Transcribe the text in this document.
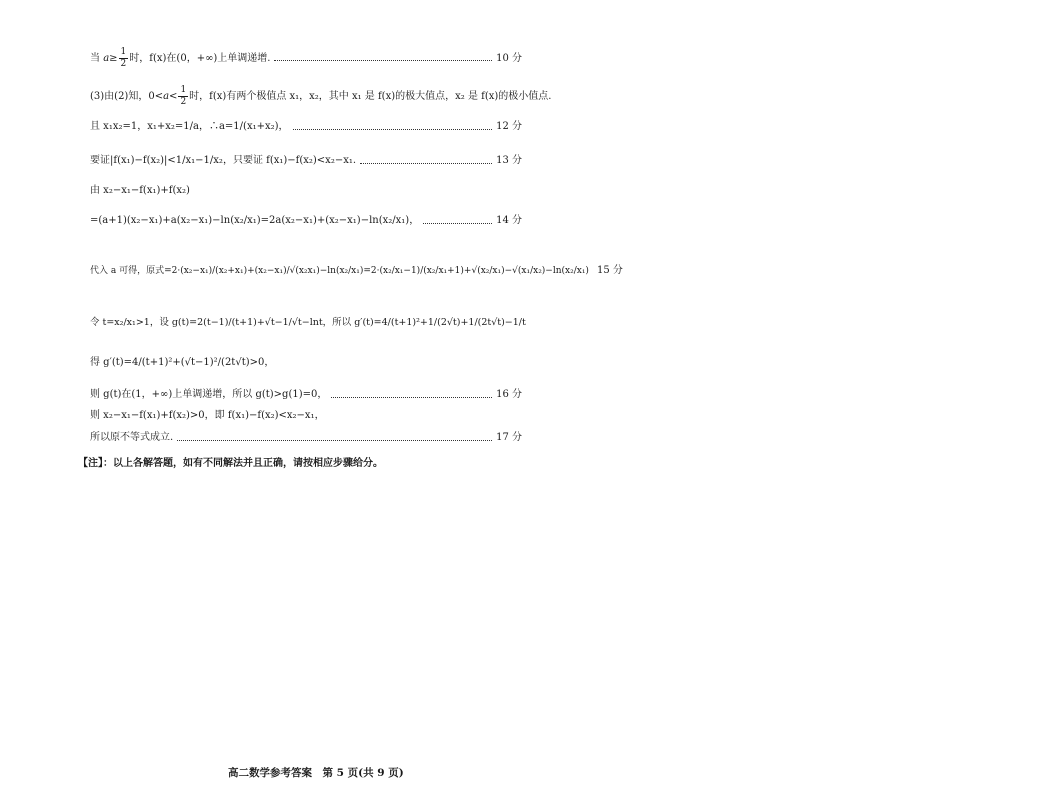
当 $a\ge \frac{1}{2}$ 时，f(x)在(0，+∞)上单调递增.	10 分
(3)由(2)知，$0<a< \frac{1}{2}$ 时，f(x)有两个极值点 x₁，x₂，其中 x₁ 是 f(x)的极大值点，x₂ 是 f(x)的极小值点.
且 x₁x₂=1，x₁+x₂=1/a，∴a=1/(x₁+x₂)，	12 分
要证|f(x₁)−f(x₂)|<1/x₁−1/x₂，只要证 f(x₁)−f(x₂)<x₂−x₁.	13 分
由 x₂−x₁−f(x₁)+f(x₂)
=(a+1)(x₂−x₁)+a(x₂−x₁)−ln(x₂/x₁)=2a(x₂−x₁)+(x₂−x₁)−ln(x₂/x₁)，	14 分
代入 a 可得，原式=2·(x₂−x₁)/(x₂+x₁)+(x₂−x₁)/√(x₂x₁)−ln(x₂/x₁)=2·(x₂/x₁−1)/(x₂/x₁+1)+√(x₂/x₁)−√(x₁/x₂)−ln(x₂/x₁) 15 分
令 t=x₂/x₁>1，设 g(t)=2(t−1)/(t+1)+√t−1/√t−lnt，所以 g′(t)=4/(t+1)²+1/(2√t)+1/(2t√t)−1/t
得 g′(t)=4/(t+1)²+(√t−1)²/(2t√t)>0，
则 g(t)在(1，+∞)上单调递增，所以 g(t)>g(1)=0，	16 分
则 x₂−x₁−f(x₁)+f(x₂)>0，即 f(x₁)−f(x₂)<x₂−x₁，
所以原不等式成立.	17 分
【注】：以上各解答题，如有不同解法并且正确，请按相应步骤给分。
高二数学参考答案　第 5 页(共 9 页)
